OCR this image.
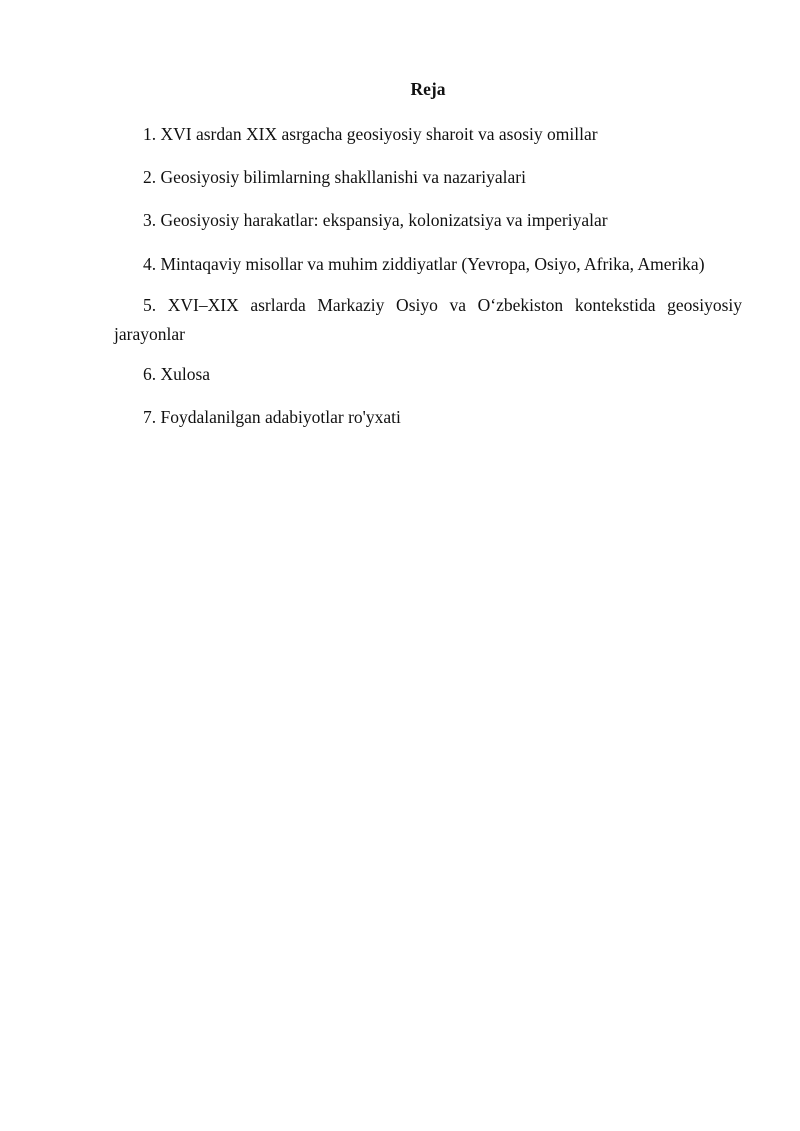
Reja
1. XVI asrdan XIX asrgacha geosiyosiy sharoit va asosiy omillar
2. Geosiyosiy bilimlarning shakllanishi va nazariyalari
3. Geosiyosiy harakatlar: ekspansiya, kolonizatsiya va imperiyalar
4. Mintaqaviy misollar va muhim ziddiyatlar (Yevropa, Osiyo, Afrika, Amerika)
5. XVI–XIX asrlarda Markaziy Osiyo va O‘zbekiston kontekstida geosiyosiy jarayonlar
6. Xulosa
7. Foydalanilgan adabiyotlar ro'yxati
